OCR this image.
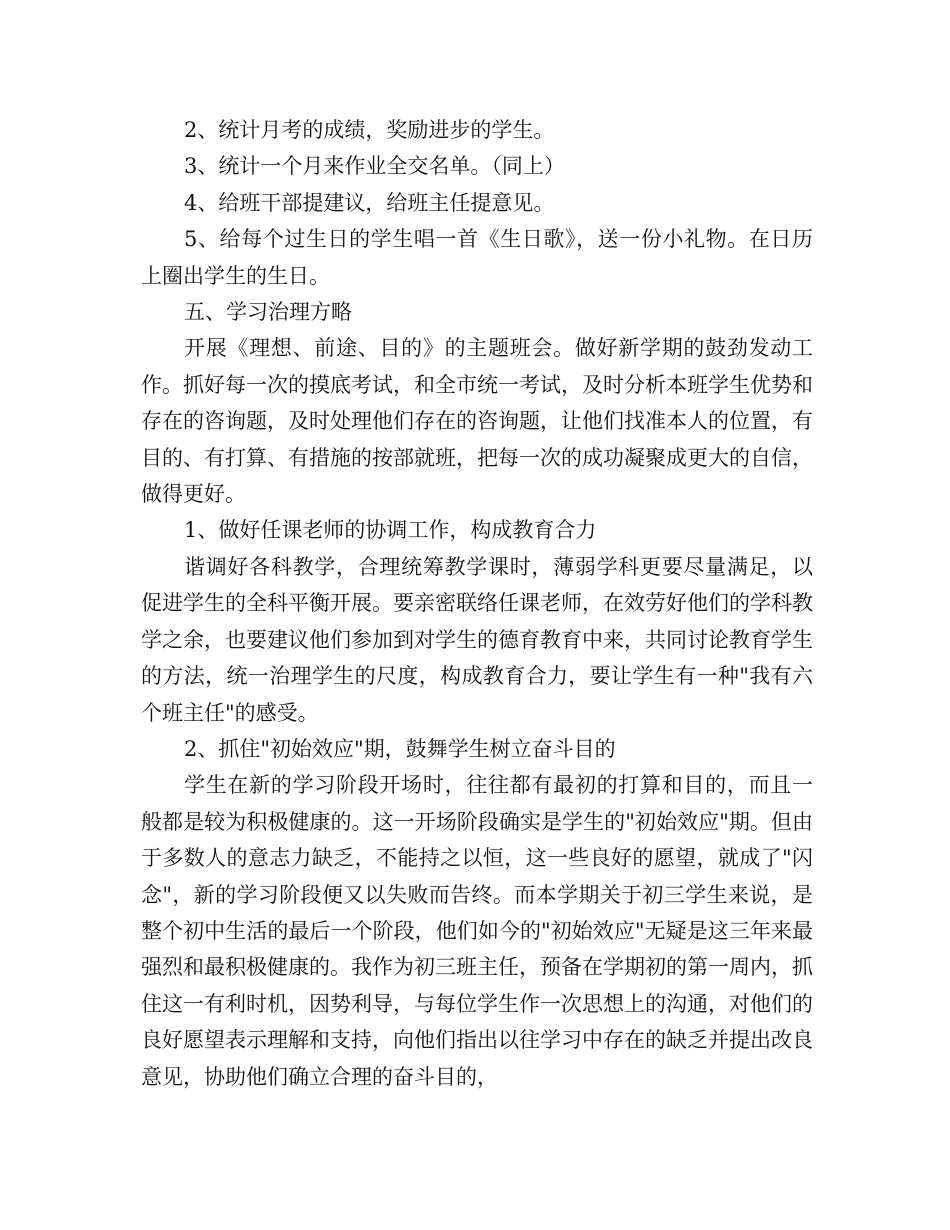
2、统计月考的成绩，奖励进步的学生。

3、统计一个月来作业全交名单。（同上）

4、给班干部提建议，给班主任提意见。

5、给每个过生日的学生唱一首《生日歌》，送一份小礼物。在日历上圈出学生的生日。

五、学习治理方略

开展《理想、前途、目的》的主题班会。做好新学期的鼓劲发动工作。抓好每一次的摸底考试，和全市统一考试，及时分析本班学生优势和存在的咨询题，及时处理他们存在的咨询题，让他们找准本人的位置，有目的、有打算、有措施的按部就班，把每一次的成功凝聚成更大的自信，做得更好。

1、做好任课老师的协调工作，构成教育合力

谐调好各科教学，合理统筹教学课时，薄弱学科更要尽量满足，以促进学生的全科平衡开展。要亲密联络任课老师，在效劳好他们的学科教学之余，也要建议他们参加到对学生的德育教育中来，共同讨论教育学生的方法，统一治理学生的尺度，构成教育合力，要让学生有一种"我有六个班主任"的感受。

2、抓住"初始效应"期，鼓舞学生树立奋斗目的

学生在新的学习阶段开场时，往往都有最初的打算和目的，而且一般都是较为积极健康的。这一开场阶段确实是学生的"初始效应"期。但由于多数人的意志力缺乏，不能持之以恒，这一些良好的愿望，就成了"闪念"，新的学习阶段便又以失败而告终。而本学期关于初三学生来说，是整个初中生活的最后一个阶段，他们如今的"初始效应"无疑是这三年来最强烈和最积极健康的。我作为初三班主任，预备在学期初的第一周内，抓住这一有利时机，因势利导，与每位学生作一次思想上的沟通，对他们的良好愿望表示理解和支持，向他们指出以往学习中存在的缺乏并提出改良意见，协助他们确立合理的奋斗目的，
